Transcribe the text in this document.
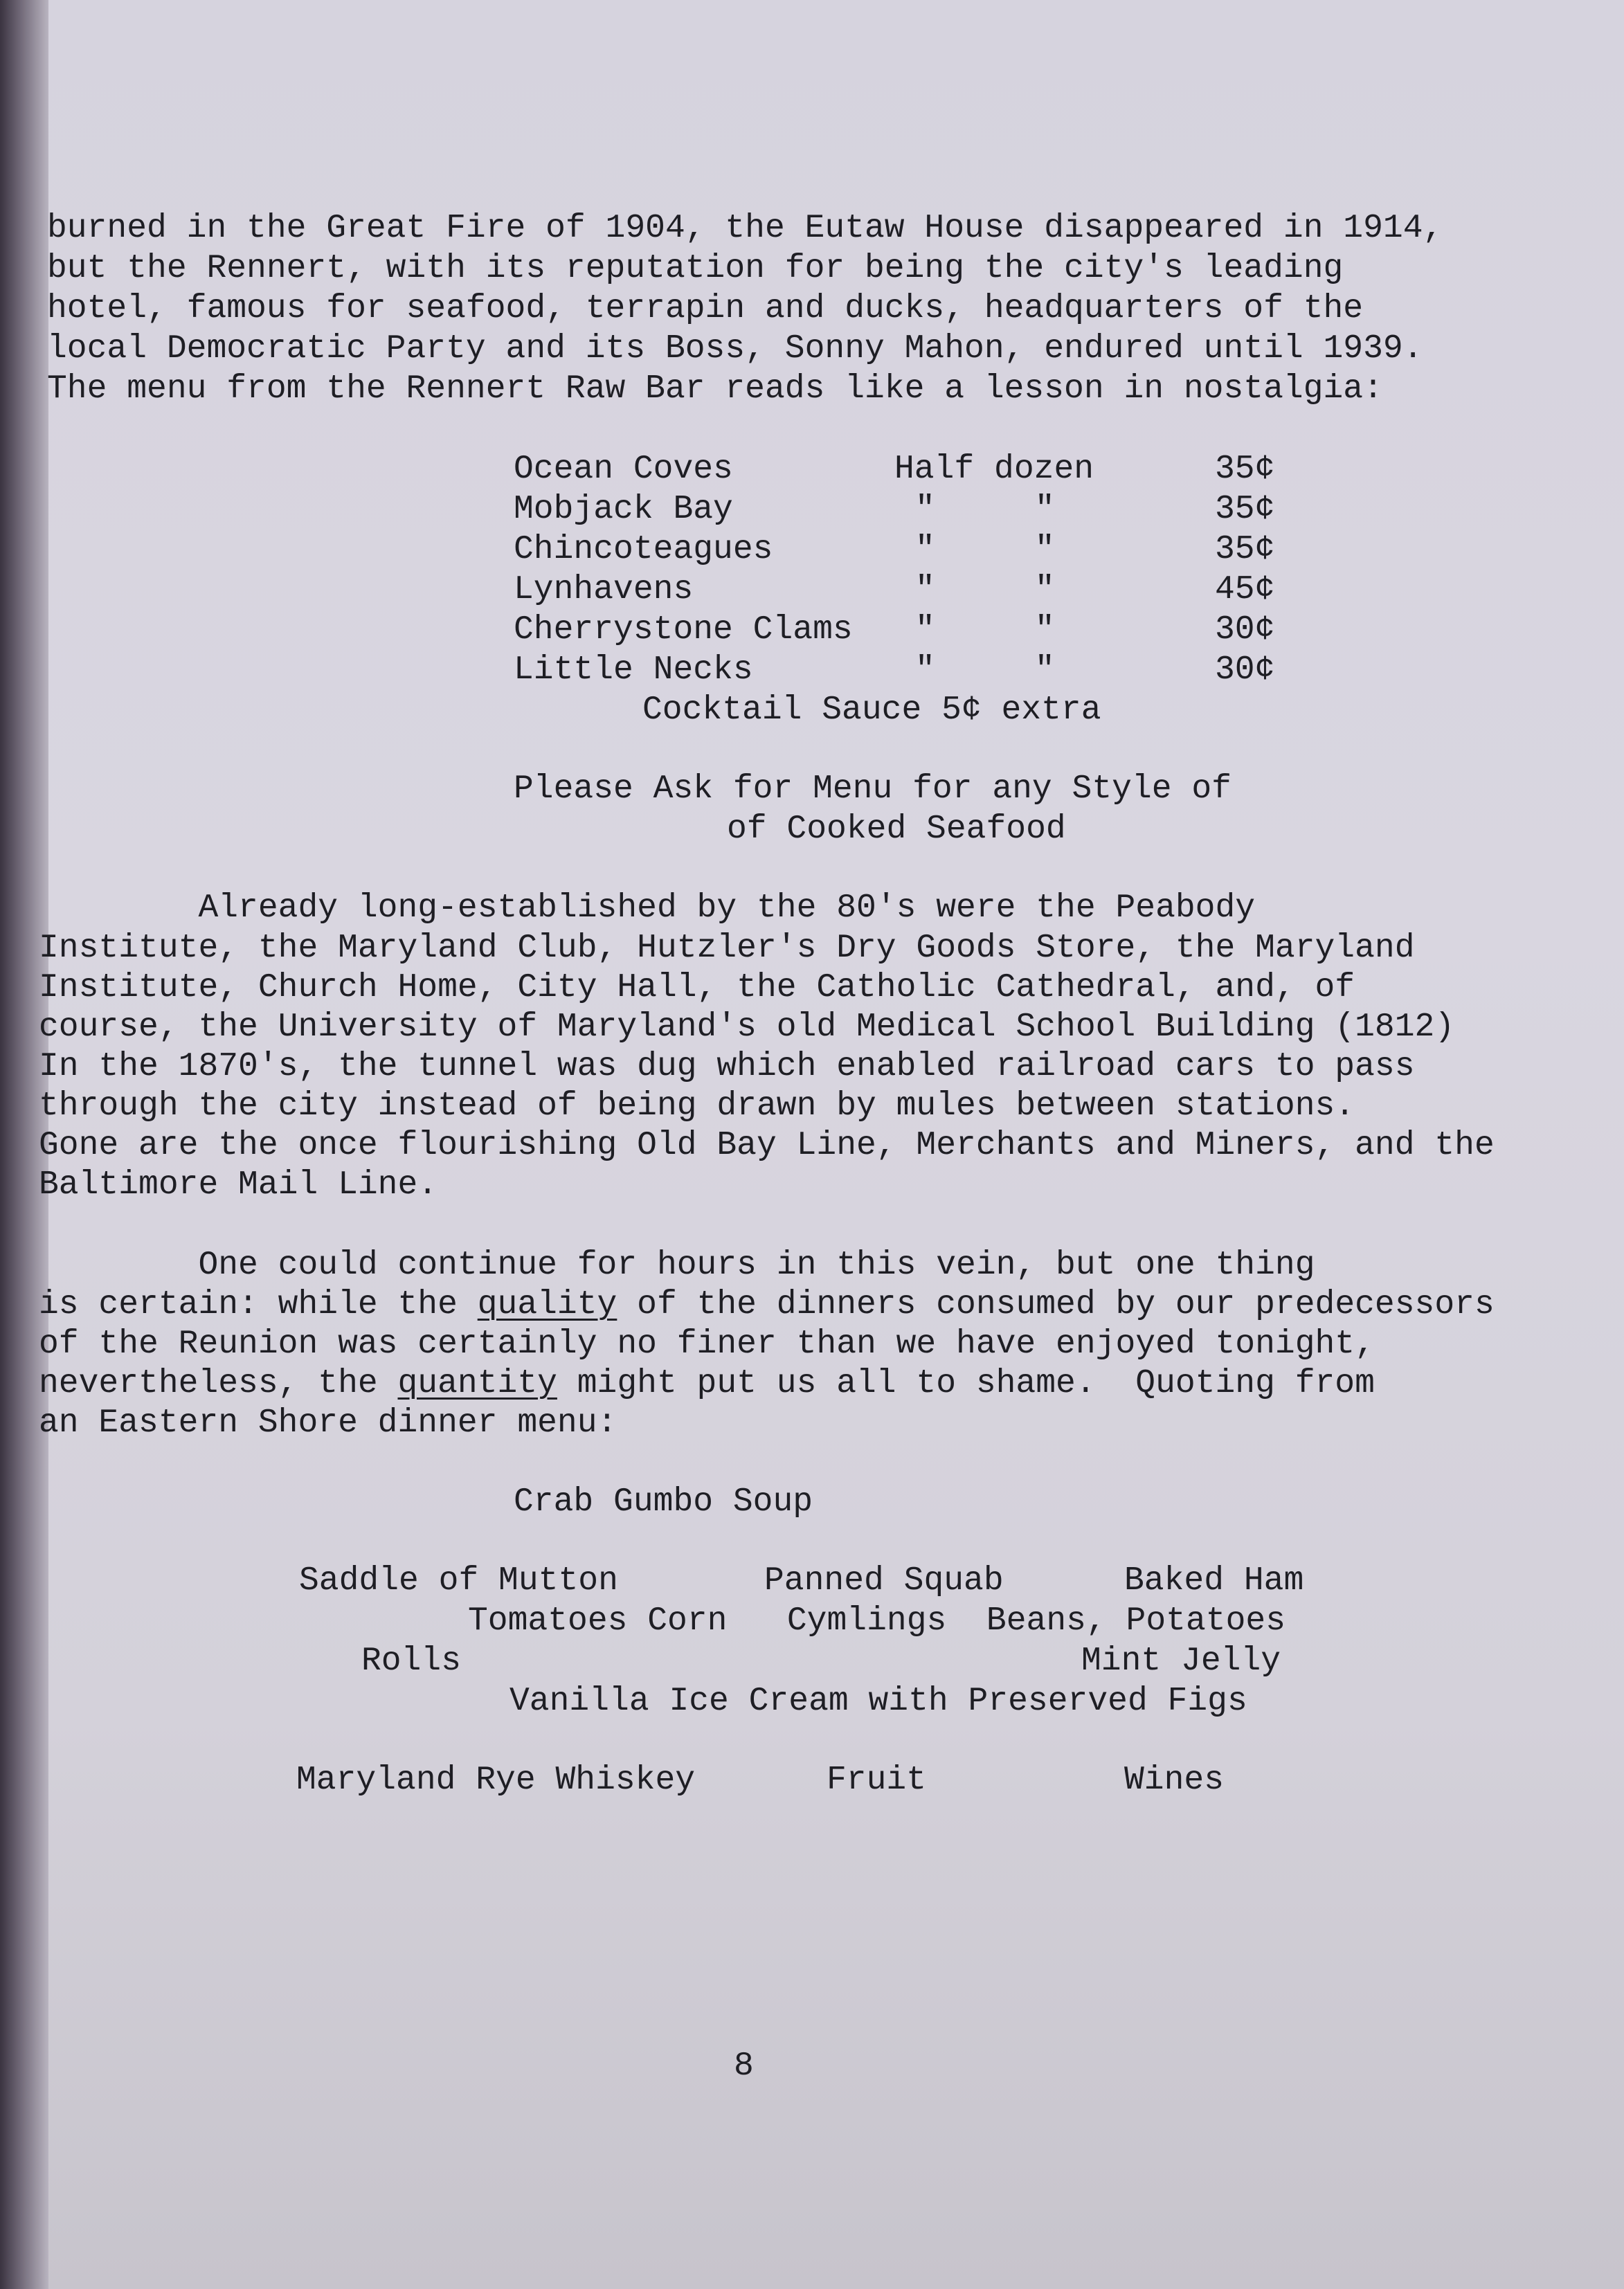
burned in the Great Fire of 1904, the Eutaw House disappeared in 1914,
but the Rennert, with its reputation for being the city's leading
hotel, famous for seafood, terrapin and ducks, headquarters of the
local Democratic Party and its Boss, Sonny Mahon, endured until 1939.
The menu from the Rennert Raw Bar reads like a lesson in nostalgia:
Ocean Coves	Half dozen	35¢
Mobjack Bay	"     "	35¢
Chincoteagues	"     "	35¢
Lynhavens	"     "	45¢
Cherrystone Clams "     "	30¢
Little Necks	"     "	30¢
Cocktail Sauce 5¢ extra
Please Ask for Menu for any Style of
of Cooked Seafood
Already long-established by the 80's were the Peabody
Institute, the Maryland Club, Hutzler's Dry Goods Store, the Maryland
Institute, Church Home, City Hall, the Catholic Cathedral, and, of
course, the University of Maryland's old Medical School Building (1812)
In the 1870's, the tunnel was dug which enabled railroad cars to pass
through the city instead of being drawn by mules between stations.
Gone are the once flourishing Old Bay Line, Merchants and Miners, and the
Baltimore Mail Line.
One could continue for hours in this vein, but one thing
is certain: while the quality of the dinners consumed by our predecessors
of the Reunion was certainly no finer than we have enjoyed tonight,
nevertheless, the quantity might put us all to shame.  Quoting from
an Eastern Shore dinner menu:
Crab Gumbo Soup
Saddle of Mutton	Panned Squab	Baked Ham
Tomatoes Corn   Cymlings  Beans, Potatoes
Rolls	Mint Jelly
Vanilla Ice Cream with Preserved Figs
Maryland Rye Whiskey	Fruit	Wines
8
